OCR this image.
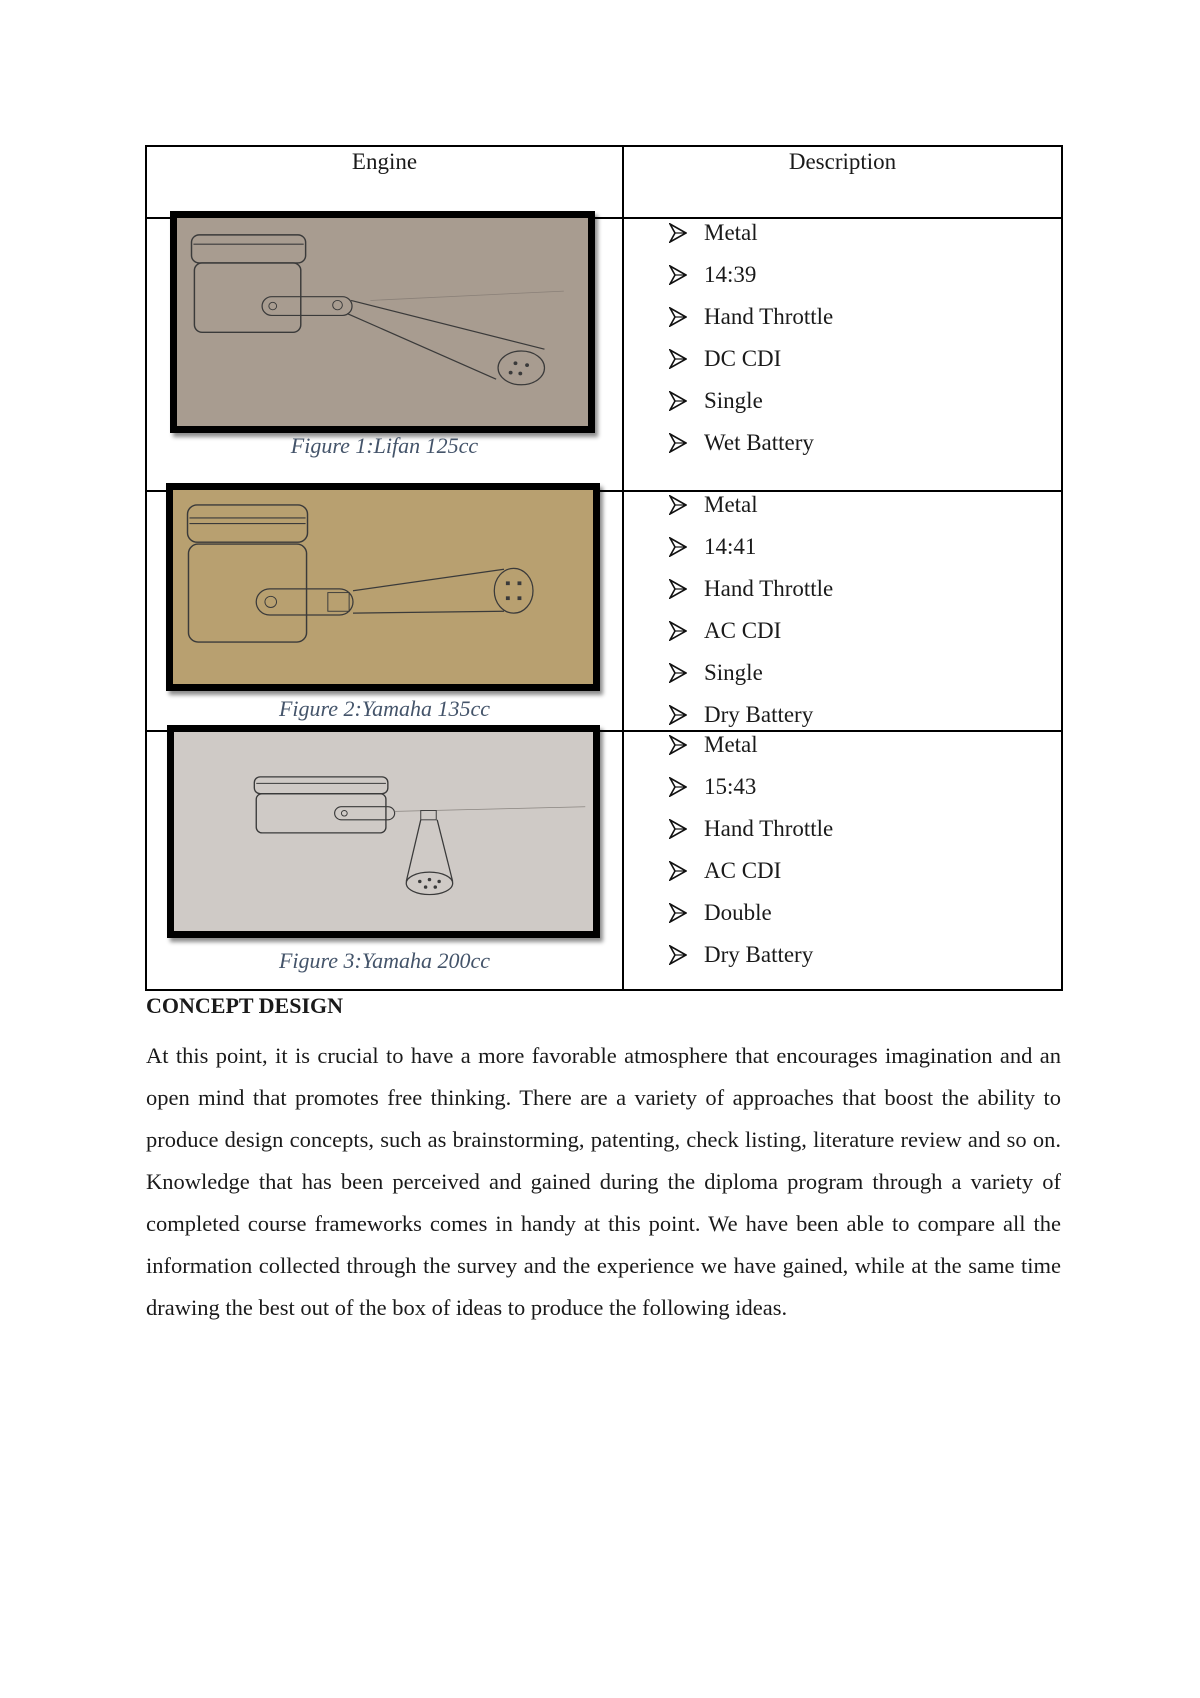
Engine	Description
Figure 1:Lifan 125cc
Figure 2:Yamaha 135cc
Figure 3:Yamaha 200cc
Metal
14:39
Hand Throttle
DC CDI
Single
Wet Battery
Metal
14:41
Hand Throttle
AC CDI
Single
Dry Battery
Metal
15:43
Hand Throttle
AC CDI
Double
Dry Battery
CONCEPT DESIGN

At this point, it is crucial to have a more favorable atmosphere that encourages imagination and an open mind that promotes free thinking. There are a variety of approaches that boost the ability to produce design concepts, such as brainstorming, patenting, check listing, literature review and so on. Knowledge that has been perceived and gained during the diploma program through a variety of completed course frameworks comes in handy at this point. We have been able to compare all the information collected through the survey and the experience we have gained, while at the same time drawing the best out of the box of ideas to produce the following ideas.
